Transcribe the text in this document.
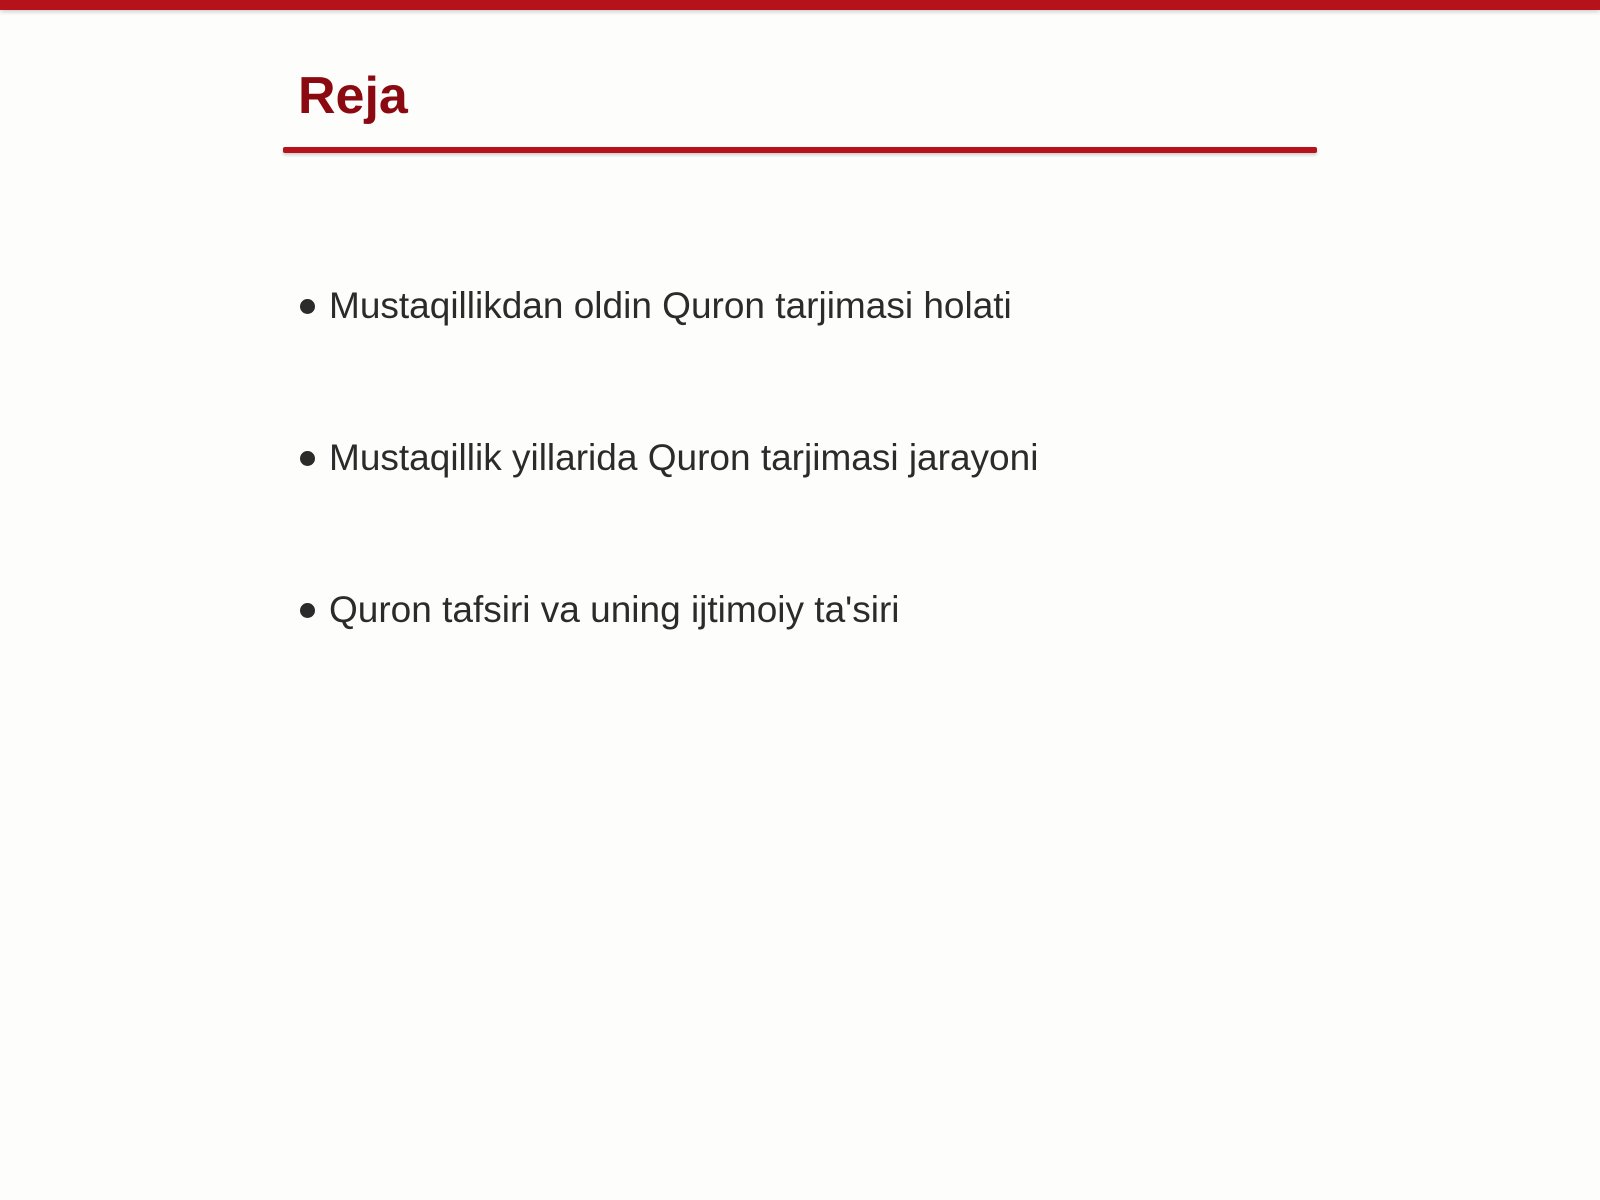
Reja
Mustaqillikdan oldin Quron tarjimasi holati
Mustaqillik yillarida Quron tarjimasi jarayoni
Quron tafsiri va uning ijtimoiy ta'siri
